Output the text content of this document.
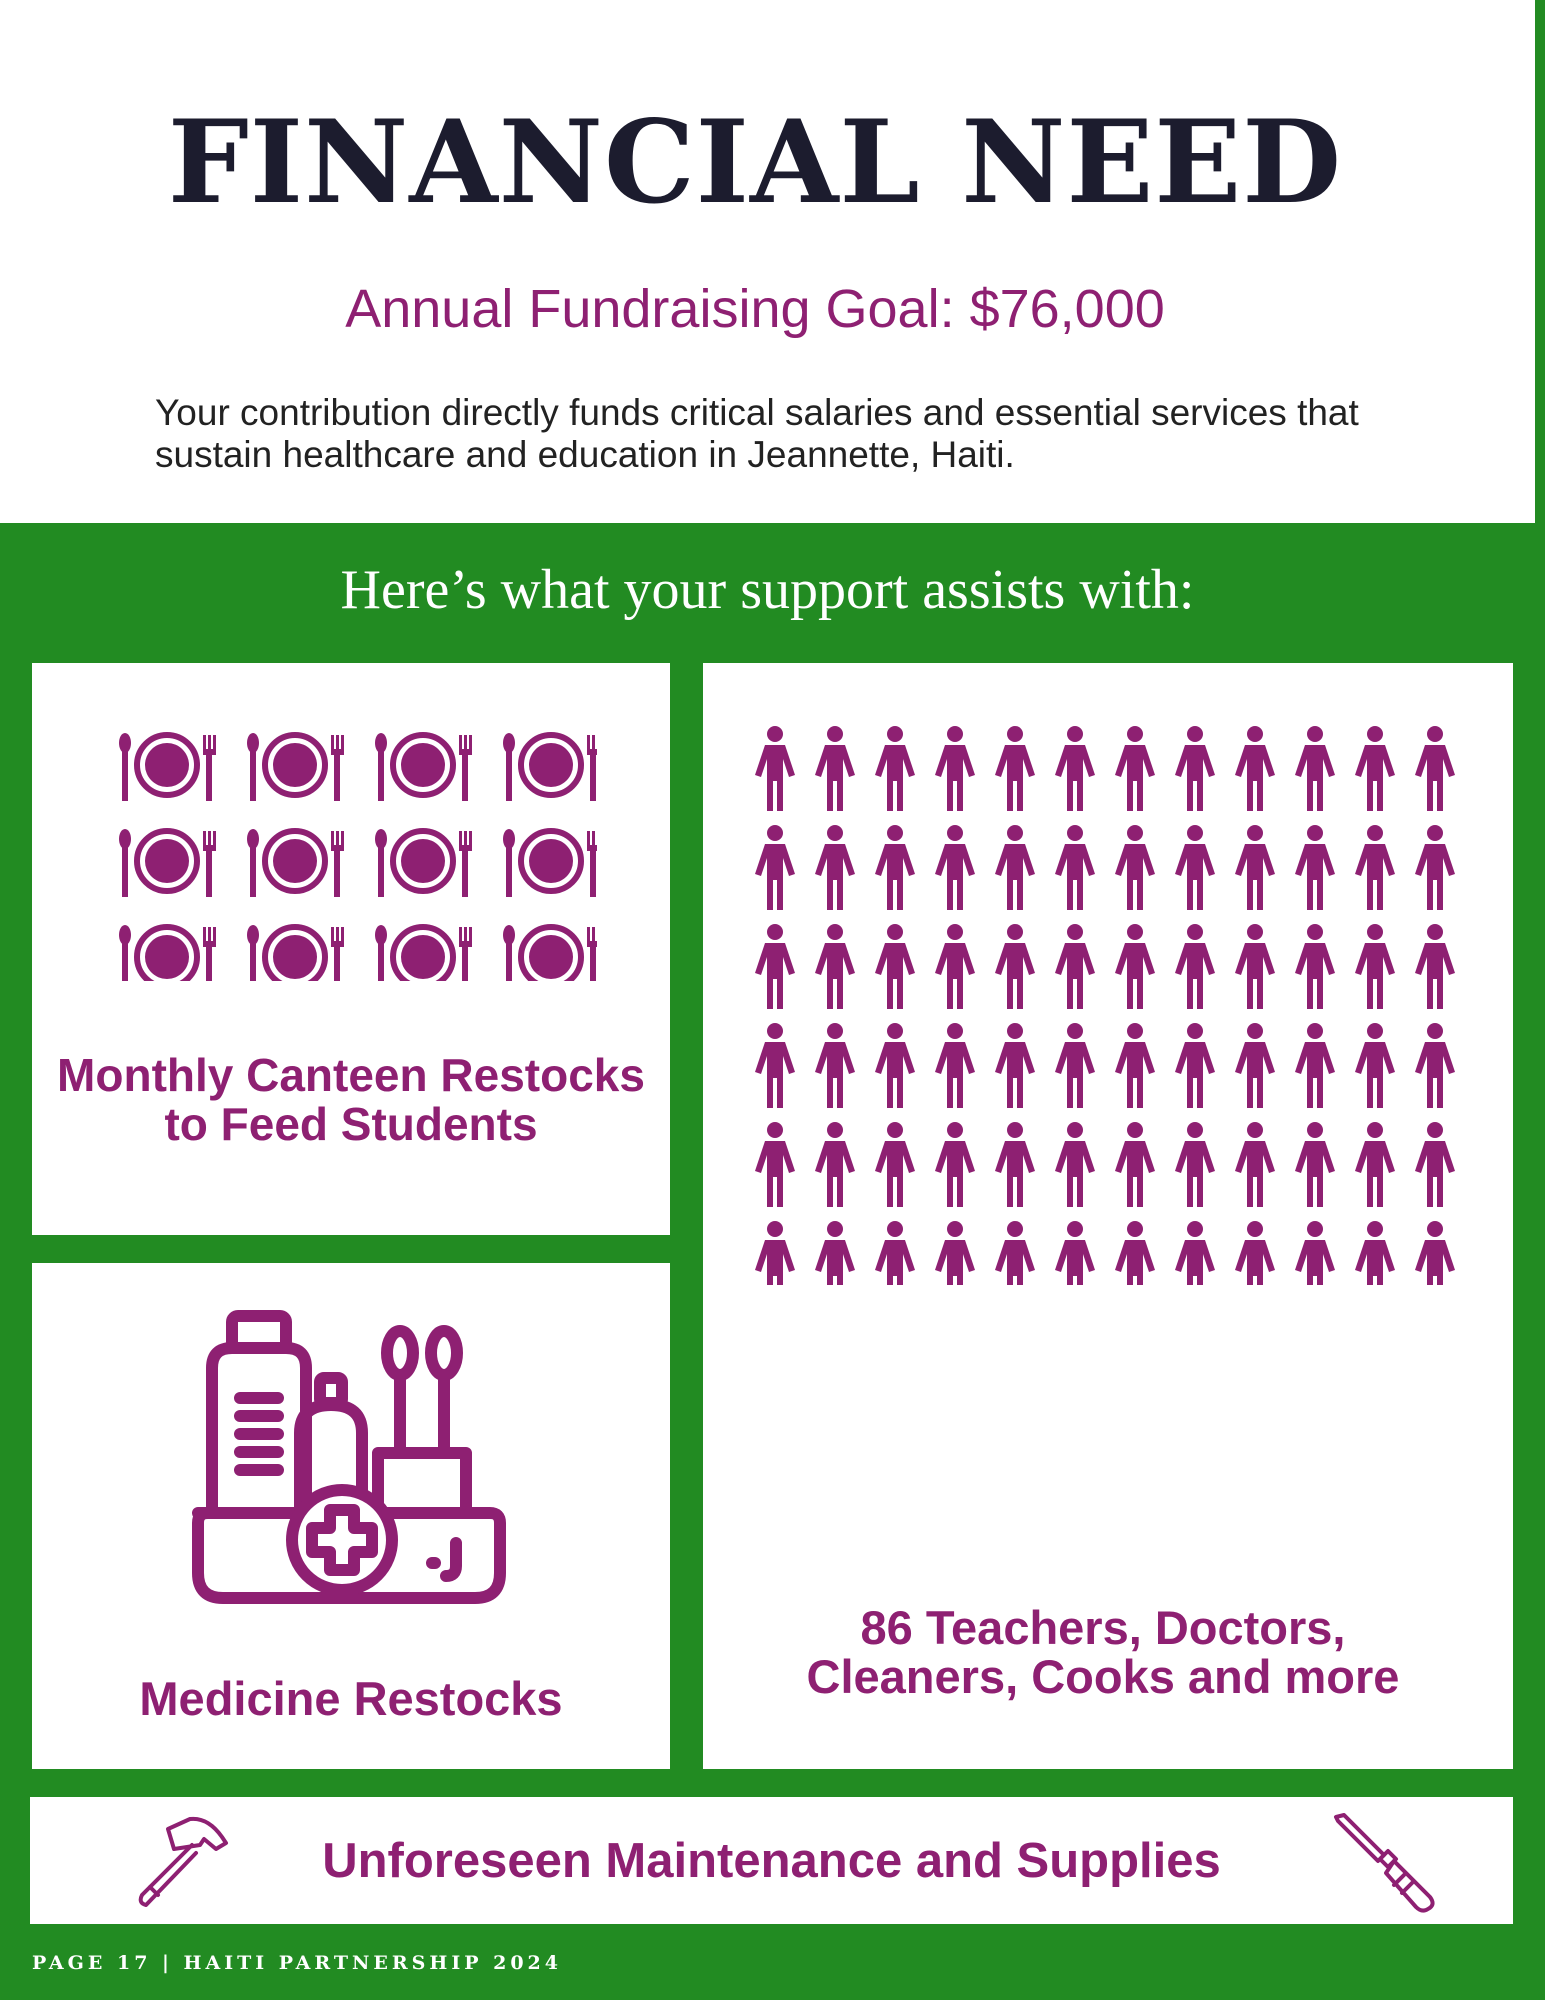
FINANCIAL NEED
Annual Fundraising Goal: $76,000
Your contribution directly funds critical salaries and essential services that sustain healthcare and education in Jeannette, Haiti.
Here’s what your support assists with:
Monthly Canteen Restocks to Feed Students
Medicine Restocks
86 Teachers, Doctors, Cleaners, Cooks and more
Unforeseen Maintenance and Supplies
PAGE 17 | HAITI PARTNERSHIP 2024
